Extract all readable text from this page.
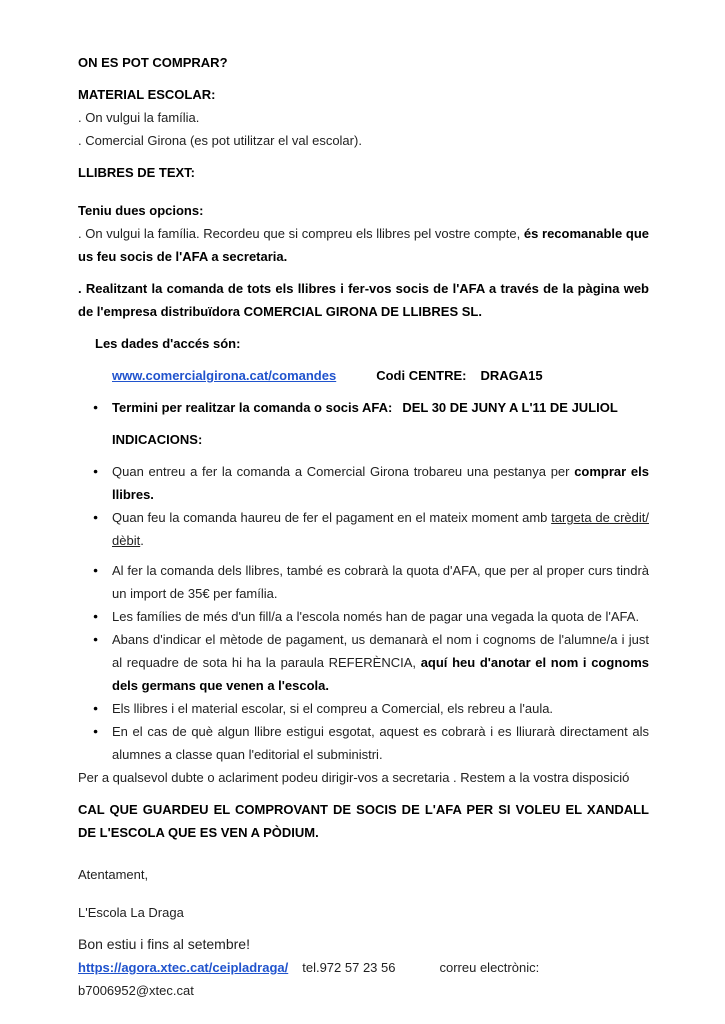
ON ES POT COMPRAR?

MATERIAL ESCOLAR:

. On vulgui la família.

. Comercial Girona (es pot utilitzar el val escolar).

LLIBRES DE TEXT:

Teniu dues opcions:

. On vulgui la família. Recordeu que si compreu els llibres pel vostre compte, és recomanable que us feu socis de l'AFA a secretaria.

. Realitzant la comanda de tots els llibres i fer-vos socis de l'AFA a través de la pàgina web de l'empresa distribuïdora COMERCIAL GIRONA DE LLIBRES SL.

Les dades d'accés són:

www.comercialgirona.cat/comandes	Codi CENTRE: DRAGA15

● Termini per realitzar la comanda o socis AFA: DEL 30 DE JUNY A L'11 DE JULIOL

INDICACIONS:

● Quan entreu a fer la comanda a Comercial Girona trobareu una pestanya per comprar els llibres.

● Quan feu la comanda haureu de fer el pagament en el mateix moment amb targeta de crèdit/ dèbit.

● Al fer la comanda dels llibres, també es cobrarà la quota d'AFA, que per al proper curs tindrà un import de 35€ per família.

● Les famílies de més d'un fill/a a l'escola només han de pagar una vegada la quota de l'AFA.

● Abans d'indicar el mètode de pagament, us demanarà el nom i cognoms de l'alumne/a i just al requadre de sota hi ha la paraula REFERÈNCIA, aquí heu d'anotar el nom i cognoms dels germans que venen a l'escola.

● Els llibres i el material escolar, si el compreu a Comercial, els rebreu a l'aula.

● En el cas de què algun llibre estigui esgotat, aquest es cobrarà i es lliurarà directament als alumnes a classe quan l'editorial el subministri.

Per a qualsevol dubte o aclariment podeu dirigir-vos a secretaria . Restem a la vostra disposició

CAL QUE GUARDEU EL COMPROVANT DE SOCIS DE L'AFA PER SI VOLEU EL XANDALL DE L'ESCOLA QUE ES VEN A PÒDIUM.

Atentament,

L'Escola La Draga

Bon estiu i fins al setembre!

https://agora.xtec.cat/ceipladraga/ tel.972 57 23 56	correu electrònic: b7006952@xtec.cat
